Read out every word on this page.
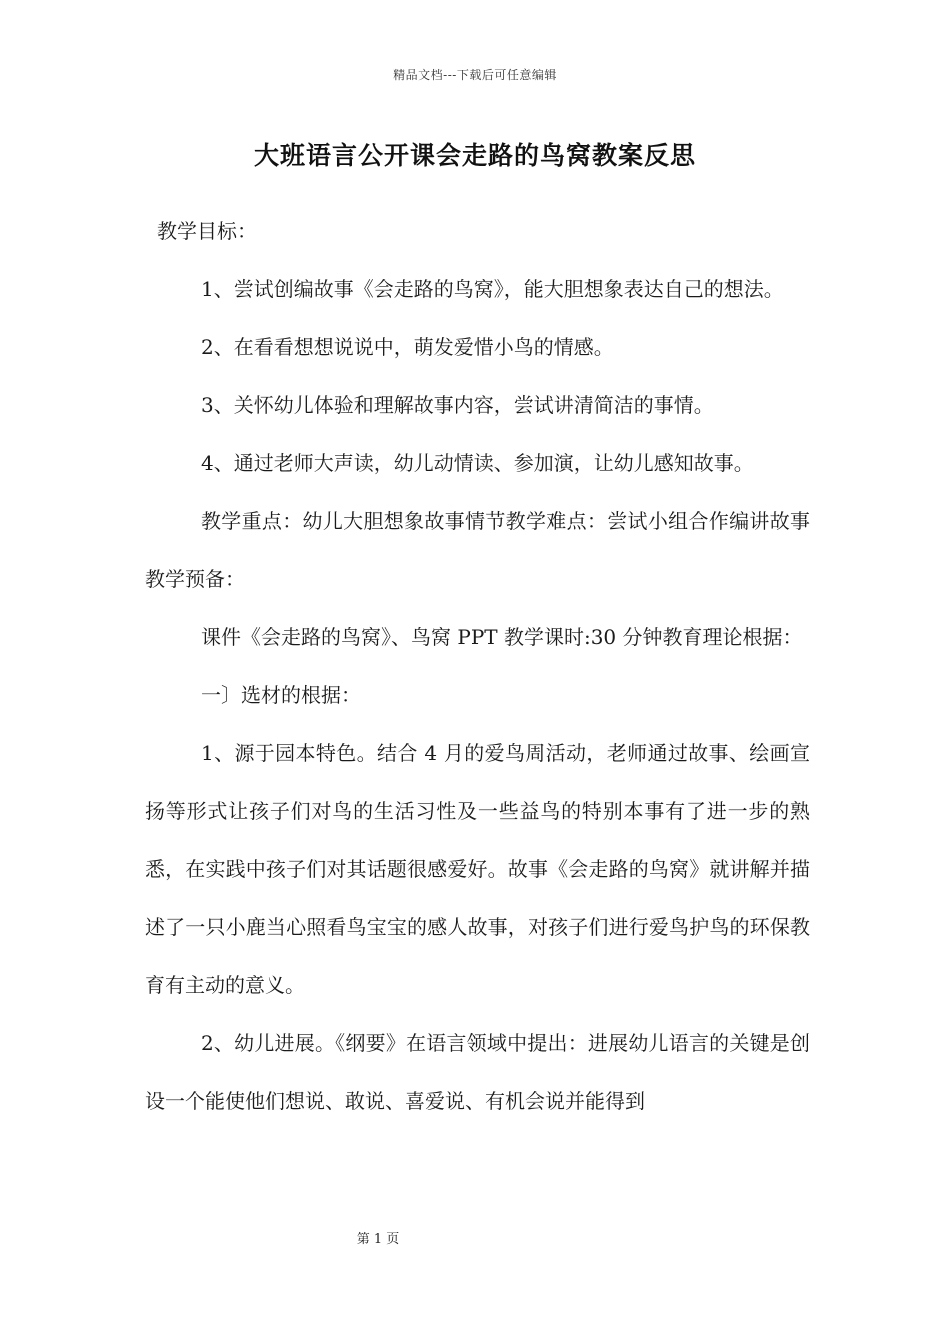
精品文档---下载后可任意编辑
大班语言公开课会走路的鸟窝教案反思

教学目标：

1、尝试创编故事《会走路的鸟窝》，能大胆想象表达自己的想法。

2、在看看想想说说中，萌发爱惜小鸟的情感。

3、关怀幼儿体验和理解故事内容，尝试讲清简洁的事情。

4、通过老师大声读，幼儿动情读、参加演，让幼儿感知故事。

教学重点：幼儿大胆想象故事情节教学难点：尝试小组合作编讲故事教学预备：

课件《会走路的鸟窝》、鸟窝 PPT 教学课时:30 分钟教育理论根据：

一〕选材的根据：

1、源于园本特色。结合 4 月的爱鸟周活动，老师通过故事、绘画宣扬等形式让孩子们对鸟的生活习性及一些益鸟的特别本事有了进一步的熟悉，在实践中孩子们对其话题很感爱好。故事《会走路的鸟窝》就讲解并描述了一只小鹿当心照看鸟宝宝的感人故事，对孩子们进行爱鸟护鸟的环保教育有主动的意义。

2、幼儿进展。《纲要》在语言领域中提出：进展幼儿语言的关键是创设一个能使他们想说、敢说、喜爱说、有机会说并能得到

第 1 页
